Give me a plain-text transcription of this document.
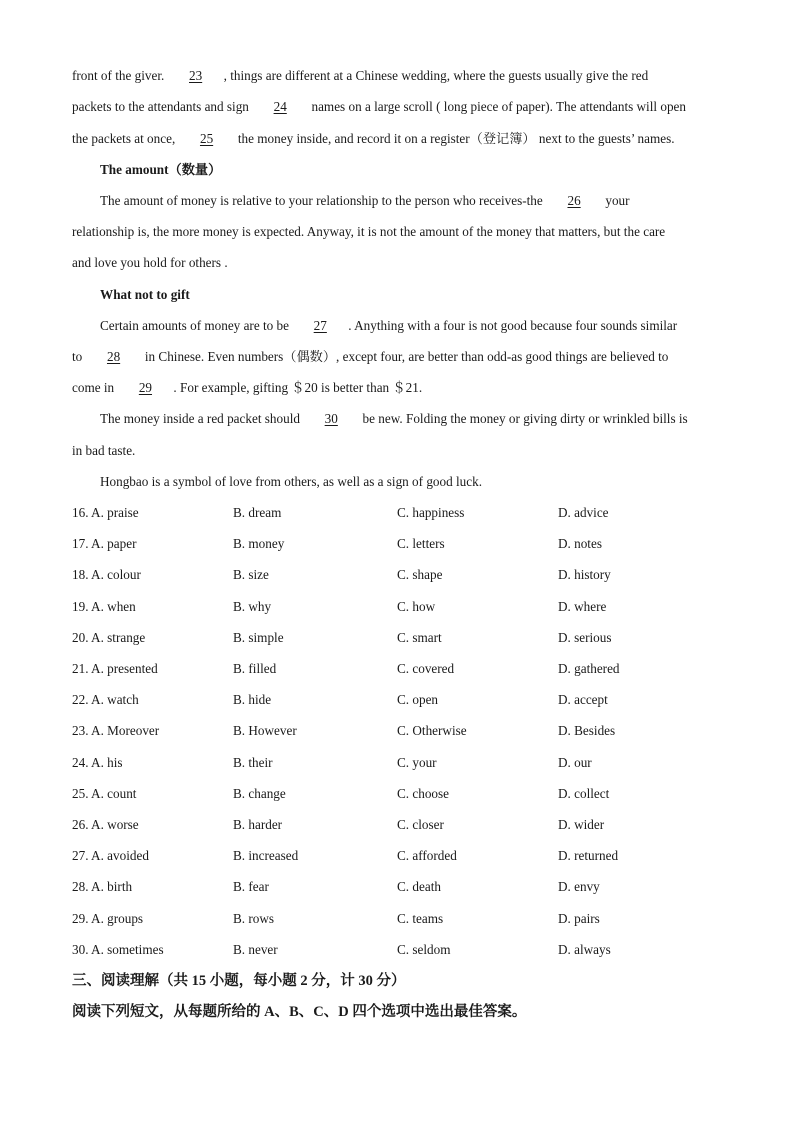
front of the giver. 23 , things are different at a Chinese wedding, where the guests usually give the red
packets to the attendants and sign 24 names on a large scroll ( long piece of paper). The attendants will open
the packets at once, 25 the money inside, and record it on a register（登记簿） next to the guests’ names.
The amount（数量）
The amount of money is relative to your relationship to the person who receives-the 26 your
relationship is, the more money is expected. Anyway, it is not the amount of the money that matters, but the care
and love you hold for others .
What not to gift
Certain amounts of money are to be 27 . Anything with a four is not good because four sounds similar
to 28 in Chinese. Even numbers（偶数）, except four, are better than odd-as good things are believed to
come in 29 . For example, gifting ＄20 is better than ＄21.
The money inside a red packet should 30 be new. Folding the money or giving dirty or wrinkled bills is
in bad taste.
Hongbao is a symbol of love from others, as well as a sign of good luck.
16. A. praise	B. dream	C. happiness	D. advice
17. A. paper	B. money	C. letters	D. notes
18. A. colour	B. size	C. shape	D. history
19. A. when	B. why	C. how	D. where
20. A. strange	B. simple	C. smart	D. serious
21. A. presented	B. filled	C. covered	D. gathered
22. A. watch	B. hide	C. open	D. accept
23. A. Moreover	B. However	C. Otherwise	D. Besides
24. A. his	B. their	C. your	D. our
25. A. count	B. change	C. choose	D. collect
26. A. worse	B. harder	C. closer	D. wider
27. A. avoided	B. increased	C. afforded	D. returned
28. A. birth	B. fear	C. death	D. envy
29. A. groups	B. rows	C. teams	D. pairs
30. A. sometimes	B. never	C. seldom	D. always
三、阅读理解（共 15 小题，每小题 2 分，计 30 分）
阅读下列短文，从每题所给的 A、B、C、D 四个选项中选出最佳答案。
